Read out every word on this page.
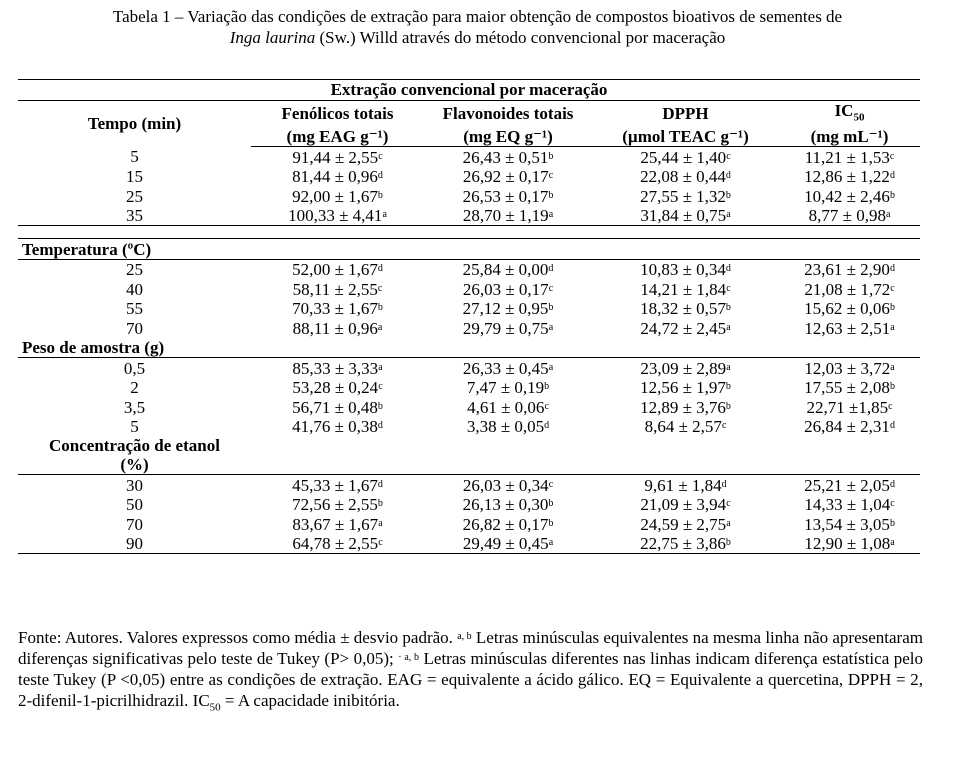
Tabela 1 – Variação das condições de extração para maior obtenção de compostos bioativos de sementes de
Inga laurina (Sw.) Willd através do método convencional por maceração
Extração convencional por maceração				
Tempo (min)	Fenólicos totais	Flavonoides totais	DPPH	$IC_{50}$
	(mg EAG g⁻¹)	(mg EQ g⁻¹)	(µmol TEAC g⁻¹)	(mg mL⁻¹)
5	91,44 ± 2,55$^c$	26,43 ± 0,51$^b$	25,44 ± 1,40$^c$	11,21 ± 1,53$^c$
15	81,44 ± 0,96$^d$	26,92 ± 0,17$^c$	22,08 ± 0,44$^d$	12,86 ± 1,22$^d$
25	92,00 ± 1,67$^b$	26,53 ± 0,17$^b$	27,55 ± 1,32$^b$	10,42 ± 2,46$^b$
35	100,33 ± 4,41$^a$	28,70 ± 1,19$^a$	31,84 ± 0,75$^a$	8,77 ± 0,98$^a$

Temperatura (ºC)				
25	52,00 ± 1,67$^d$	25,84 ± 0,00$^d$	10,83 ± 0,34$^d$	23,61 ± 2,90$^d$
40	58,11 ± 2,55$^c$	26,03 ± 0,17$^c$	14,21 ± 1,84$^c$	21,08 ± 1,72$^c$
55	70,33 ± 1,67$^b$	27,12 ± 0,95$^b$	18,32 ± 0,57$^b$	15,62 ± 0,06$^b$
70	88,11 ± 0,96$^a$	29,79 ± 0,75$^a$	24,72 ± 2,45$^a$	12,63 ± 2,51$^a$
Peso de amostra (g)				
0,5	85,33 ± 3,33$^a$	26,33 ± 0,45$^a$	23,09 ± 2,89$^a$	12,03 ± 3,72$^a$
2	53,28 ± 0,24$^c$	7,47 ± 0,19$^b$	12,56 ± 1,97$^b$	17,55 ± 2,08$^b$
3,5	56,71 ± 0,48$^b$	4,61 ± 0,06$^c$	12,89 ± 3,76$^b$	22,71 ±1,85$^c$
5	41,76 ± 0,38$^d$	3,38 ± 0,05$^d$	8,64 ± 2,57$^c$	26,84 ± 2,31$^d$
Concentração de etanol
(%)				
30	45,33 ± 1,67$^d$	26,03 ± 0,34$^c$	9,61 ± 1,84$^d$	25,21 ± 2,05$^d$
50	72,56 ± 2,55$^b$	26,13 ± 0,30$^b$	21,09 ± 3,94$^c$	14,33 ± 1,04$^c$
70	83,67 ± 1,67$^a$	26,82 ± 0,17$^b$	24,59 ± 2,75$^a$	13,54 ± 3,05$^b$
90	64,78 ± 2,55$^c$	29,49 ± 0,45$^a$	22,75 ± 3,86$^b$	12,90 ± 1,08$^a$
Fonte: Autores. Valores expressos como média ± desvio padrão. $^{a, b}$ Letras minúsculas equivalentes na mesma linha não apresentaram diferenças significativas pelo teste de Tukey (P> 0,05); $^{\cdot a, b}$ Letras minúsculas diferentes nas linhas indicam diferença estatística pelo teste Tukey (P <0,05) entre as condições de extração. EAG = equivalente a ácido gálico. EQ = Equivalente a quercetina, DPPH = 2, 2-difenil-1-picrilhidrazil. $IC_{50} = A$ capacidade inibitória.
